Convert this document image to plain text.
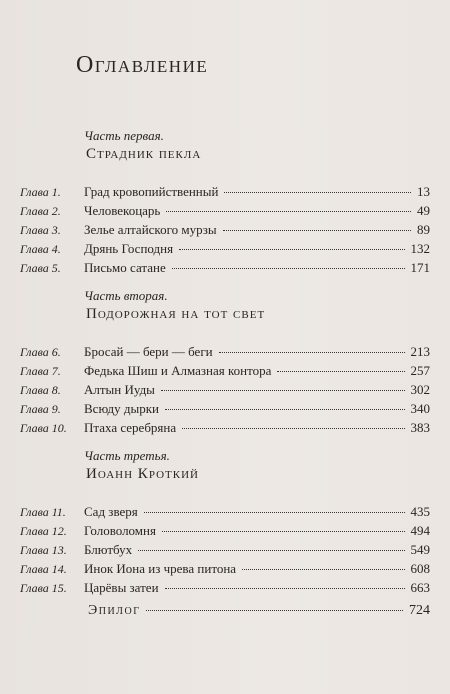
Оглавление
Часть первая.
Страдник пекла
Глава 1.	Град кровопийственный	13
Глава 2.	Человекоцарь	49
Глава 3.	Зелье алтайского мурзы	89
Глава 4.	Дрянь Господня	132
Глава 5.	Письмо сатане	171
Часть вторая.
Подорожная на тот свет
Глава 6.	Бросай — бери — беги	213
Глава 7.	Федька Шиш и Алмазная контора	257
Глава 8.	Алтын Иуды	302
Глава 9.	Всюду дырки	340
Глава 10.	Птаха серебряна	383
Часть третья.
Иоанн Кроткий
Глава 11.	Сад зверя	435
Глава 12.	Головоломня	494
Глава 13.	Блютбух	549
Глава 14.	Инок Иона из чрева питона	608
Глава 15.	Царёвы затеи	663
Эпилог	724
